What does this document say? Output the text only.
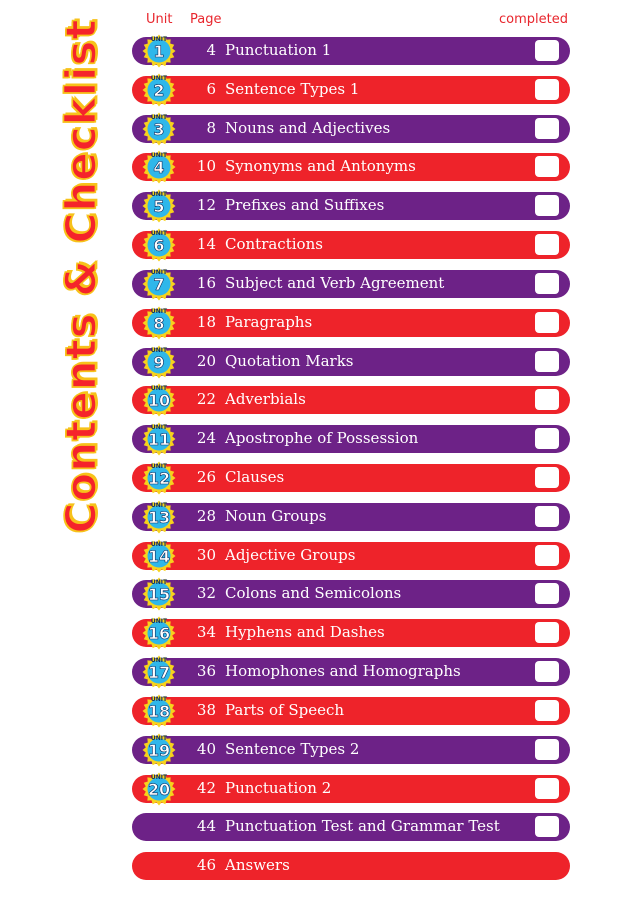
Contents & Checklist	Unit Page	completed
UNIT
1	4 Punctuation 1
UNIT
2	6 Sentence Types 1
UNIT
3	8 Nouns and Adjectives
UNIT
4	10 Synonyms and Antonyms
UNIT
5	12 Prefixes and Suffixes
UNIT
6	14 Contractions
UNIT
7	16 Subject and Verb Agreement
UNIT
8	18 Paragraphs
UNIT
9	20 Quotation Marks
UNIT
10	22 Adverbials
UNIT
11	24 Apostrophe of Possession
UNIT
12	26 Clauses
UNIT
13	28 Noun Groups
UNIT
14	30 Adjective Groups
UNIT
15	32 Colons and Semicolons
UNIT
16	34 Hyphens and Dashes
UNIT
17	36 Homophones and Homographs
UNIT
18	38 Parts of Speech
UNIT
19	40 Sentence Types 2
UNIT
20	42 Punctuation 2
44 Punctuation Test and Grammar Test
46 Answers
